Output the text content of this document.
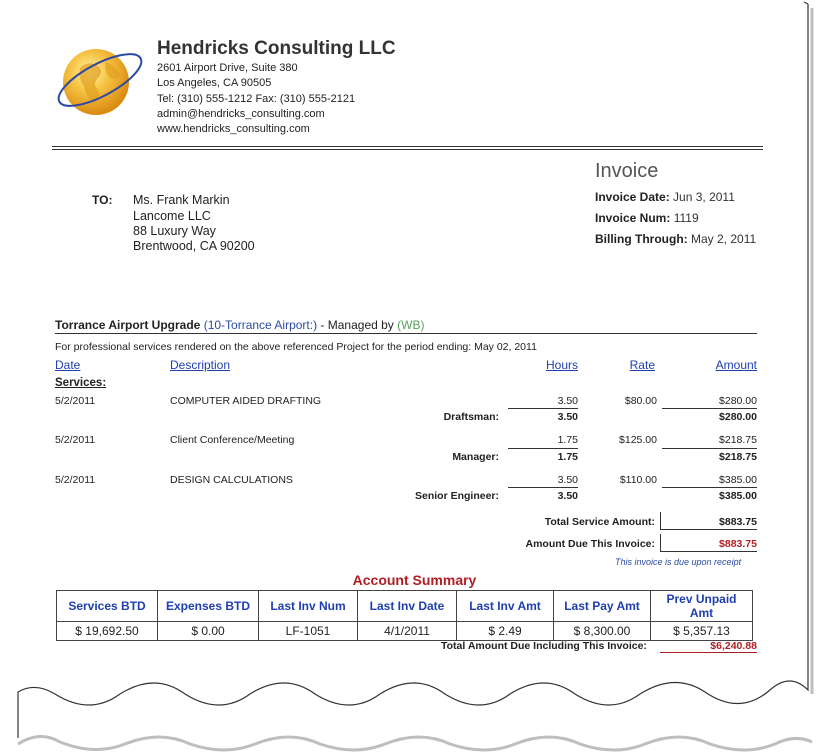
Hendricks Consulting LLC
2601 Airport Drive, Suite 380
Los Angeles, CA 90505
Tel: (310) 555-1212 Fax: (310) 555-2121
admin@hendricks_consulting.com
www.hendricks_consulting.com
Invoice
Invoice Date: Jun 3, 2011
Invoice Num: 1119
Billing Through: May 2, 2011
TO: Ms. Frank Markin
Lancome LLC
88 Luxury Way
Brentwood, CA 90200
Torrance Airport Upgrade (10-Torrance Airport:) - Managed by (WB)
For professional services rendered on the above referenced Project for the period ending: May 02, 2011
Date	Description	Hours	Rate	Amount
Services:
5/2/2011	COMPUTER AIDED DRAFTING	3.50	$80.00	$280.00
Draftsman:	3.50	$280.00
5/2/2011	Client Conference/Meeting	1.75	$125.00	$218.75
Manager:	1.75	$218.75
5/2/2011	DESIGN CALCULATIONS	3.50	$110.00	$385.00
Senior Engineer:	3.50	$385.00
Total Service Amount:	$883.75
Amount Due This Invoice:	$883.75
This invoice is due upon receipt
Account Summary
Services BTD	Expenses BTD	Last Inv Num	Last Inv Date	Last Inv Amt	Last Pay Amt	Prev Unpaid Amt
$ 19,692.50	$ 0.00	LF-1051	4/1/2011	$ 2.49	$ 8,300.00	$ 5,357.13
Total Amount Due Including This Invoice:	$6,240.88
